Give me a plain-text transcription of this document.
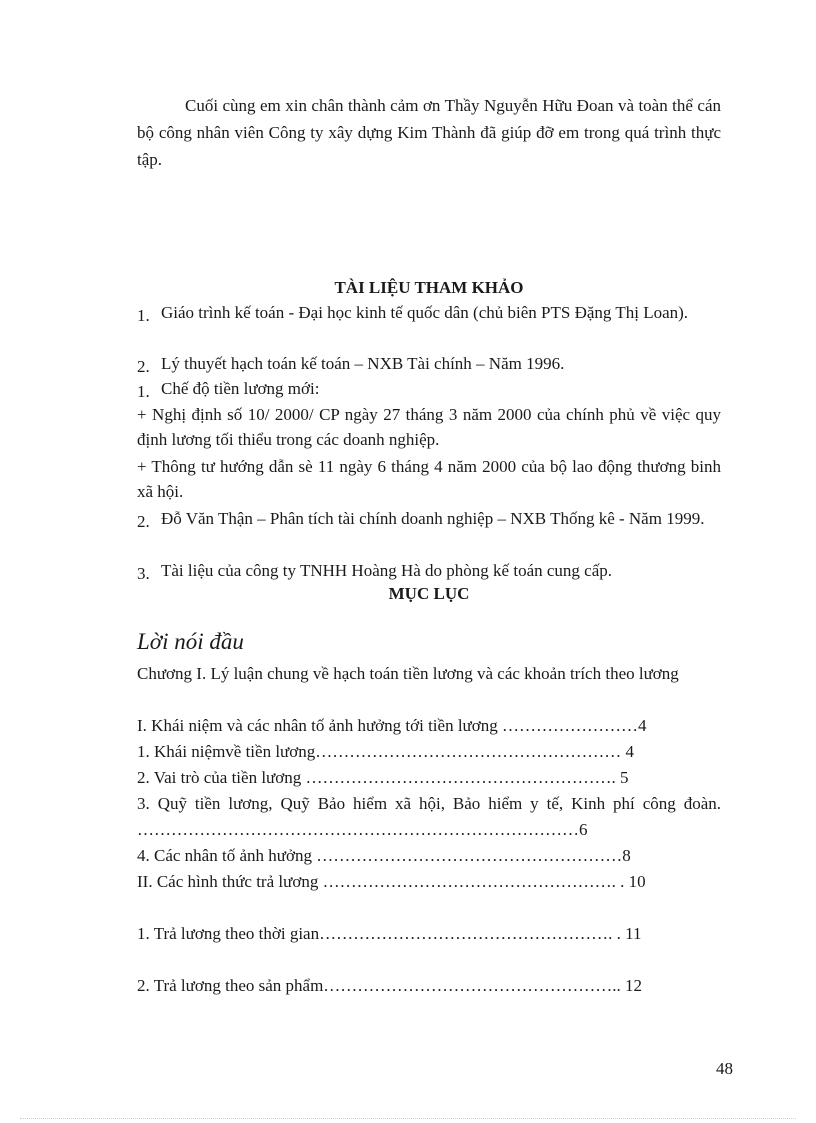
Cuối cùng em xin chân thành cảm ơn Thầy Nguyễn Hữu Đoan và toàn thể cán bộ công nhân viên Công ty xây dựng Kim Thành đã giúp đỡ em trong quá trình thực tập.

TÀI LIỆU THAM KHẢO
1. Giáo trình kế toán - Đại học kinh tế quốc dân (chủ biên PTS Đặng Thị Loan).
2. Lý thuyết hạch toán kế toán – NXB Tài chính – Năm 1996.
1. Chế độ tiền lương mới:

+ Nghị định số 10/ 2000/ CP ngày 27 tháng 3 năm 2000 của chính phủ về việc quy định lương tối thiểu trong các doanh nghiệp.

+ Thông tư hướng dẫn sè 11 ngày 6 tháng 4 năm 2000 của bộ lao động thương binh xã hội.

2. Đỗ Văn Thận – Phân tích tài chính doanh nghiệp – NXB Thống kê - Năm 1999.
3. Tài liệu của công ty TNHH Hoàng Hà do phòng kế toán cung cấp.
MỤC LỤC

Lời nói đầu

Chương I. Lý luận chung về hạch toán tiền lương và các khoản trích theo lương

I. Khái niệm và các nhân tố ảnh hưởng tới tiền lương ……………………4

1. Khái niệmvề tiền lương……………………………………………… 4

2. Vai trò của tiền lương ………………………………………………. 5

3. Quỹ tiền lương, Quỹ Bảo hiểm xã hội, Bảo hiểm y tế, Kinh phí công đoàn. ……………………………………………………………………6

4. Các nhân tố ảnh hưởng ………………………………………………8

II. Các hình thức trả lương ……………………………………………. . 10

1. Trả lương theo thời gian……………………………………………. . 11

2. Trả lương theo sản phẩm…………………………………………….. 12

48
